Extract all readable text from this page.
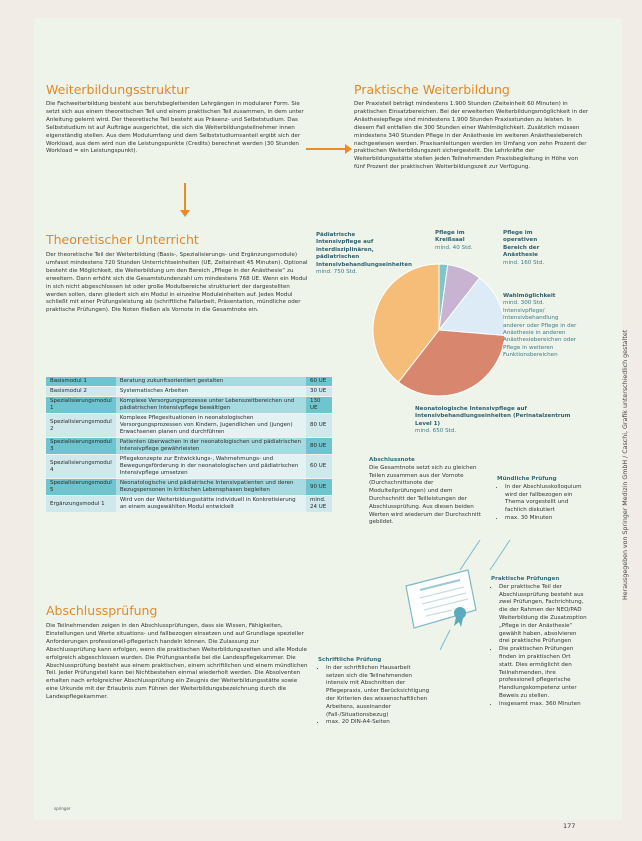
Herausgegeben von Springer Medizin GmbH / Caschi, Grafik unterschiedlich gestaltet
Weiterbildungsstruktur
Die Fachweiterbildung besteht aus berufsbegleitenden Lehrgängen in modularer Form. Sie setzt sich aus einem theoretischen Teil und einem praktischen Teil zusammen, in dem unter Anleitung gelernt wird. Der theoretische Teil besteht aus Präsenz- und Selbststudium. Das Selbststudium ist auf Aufträge ausgerichtet, die sich die Weiterbildungsteilnehmer innen eigenständig stellen. Aus dem Modulumfang und dem Selbststudiumsanteil ergibt sich der Workload, aus dem wird nun die Leistungspunkte (Credits) berechnet werden (30 Stunden Workload = ein Leistungspunkt).
Praktische Weiterbildung
Der Praxisteil beträgt mindestens 1.900 Stunden (Zeiteinheit 60 Minuten) in praktischen Einsatzbereichen. Bei der erweiterten Weiterbildungsmöglichkeit in der Anästhesiepflege sind mindestens 1.900 Stunden Praxisstunden zu leisten. In diesem Fall entfallen die 300 Stunden einer Wahlmöglichkeit. Zusätzlich müssen mindestens 340 Stunden Pflege in der Anästhesie im weiteren Anästhesiebereich nachgewiesen werden. Praxisanleitungen werden im Umfang von zehn Prozent der praktischen Weiterbildungszeit sichergestellt. Die Lehrkräfte der Weiterbildungsstätte stellen jeden Teilnehmenden Praxisbegleitung in Höhe von fünf Prozent der praktischen Weiterbildungszeit zur Verfügung.
Theoretischer Unterricht
Der theoretische Teil der Weiterbildung (Basis-, Spezialisierungs- und Ergänzungsmodule) umfasst mindestens 720 Stunden Unterrichtseinheiten (UE, Zeiteinheit 45 Minuten). Optional besteht die Möglichkeit, die Weiterbildung um den Bereich „Pflege in der Anästhesie“ zu erweitern. Dann erhöht sich die Gesamtstundenzahl um mindestens 768 UE. Wenn ein Modul in sich nicht abgeschlossen ist oder große Modulbereiche strukturiert der dargestellten werden sollen, dann gliedert sich ein Modul in einzelne Moduleinheiten auf. Jedes Modul schließt mit einer Prüfungsleistung ab (schriftliche Fallarbeit, Präsentation, mündliche oder praktische Prüfungen). Die Noten fließen als Vornote in die Gesamtnote ein.
Basismodul 1	Beratung zukunftsorientiert gestalten	60 UE
Basismodul 2	Systematisches Arbeiten	30 UE
Spezialisierungsmodul 1	Komplexe Versorgungsprozesse unter Lebenszeitbereichen und pädiatrischen Intensivpflege bewältigen	130 UE
Spezialisierungsmodul 2	Komplexe Pflegesituationen in neonatologischen Versorgungsprozessen von Kindern, Jugendlichen und (jungen) Erwachsenen planen und durchführen	80 UE
Spezialisierungsmodul 3	Patienten überwachen in der neonatologischen und pädiatrischen Intensivpflege gewährleisten	80 UE
Spezialisierungsmodul 4	Pflegekonzepte zur Entwicklungs-, Wahrnehmungs- und Bewegungsförderung in der neonatologischen und pädiatrischen Intensivpflege umsetzen	60 UE
Spezialisierungsmodul 5	Neonatologische und pädiatrische Intensivpatienten und deren Bezugspersonen in kritischen Lebensphasen begleiten	90 UE
Ergänzungsmodul 1	Wird von der Weiterbildungsstätte individuell in Konkretisierung an einem ausgewählten Modul entwickelt	mind. 24 UE
Abschlussprüfung
Die Teilnehmenden zeigen in den Abschlussprüfungen, dass sie Wissen, Fähigkeiten, Einstellungen und Werte situations- und fallbezogen einsetzen und auf Grundlage spezieller Anforderungen professionell-pflegerisch handeln können. Die Zulassung zur Abschlussprüfung kann erfolgen, wenn die praktischen Weiterbildungszeiten und alle Module erfolgreich abgeschlossen wurden. Die Prüfungsanteile bei die Landespflegekammer. Die Abschlussprüfung besteht aus einem praktischen, einem schriftlichen und einem mündlichen Teil. Jeder Prüfungsteil kann bei Nichtbestehen einmal wiederholt werden. Die Absolventen erhalten nach erfolgreicher Abschlussprüfung ein Zeugnis der Weiterbildungsstätte sowie eine Urkunde mit der Erlaubnis zum Führen der Weiterbildungsbezeichnung durch die Landespflegekammer.
Pädiatrische Intensivpflege auf interdisziplinären, pädiatrischen Intensivbehandlungseinheiten
mind. 750 Std.
Pflege im Kreißsaal
mind. 40 Std.
Pflege im operativen Bereich der Anästhesie
mind. 160 Std.
Wahlmöglichkeit
mind. 300 Std. Intensivpflege/ Intensivbehandlung anderer oder Pflege in der Anästhesie in anderen Anästhesiebereichen oder Pflege in weiteren Funktionsbereichen
Neonatologische Intensivpflege auf Intensivbehandlungseinheiten (Perinatalzentrum Level 1)
mind. 650 Std.
Abschlussnote
Die Gesamtnote setzt sich zu gleichen Teilen zusammen aus der Vornote (Durchschnittsnote der Modulteilprüfungen) und dem Durchschnitt der Teilleistungen der Abschlussprüfung. Aus diesen beiden Werten wird wiederum der Durchschnitt gebildet.
Mündliche Prüfung
• In der Abschlusskolloquium wird der fallbezogen ein Thema vorgestellt und fachlich diskutiert
• max. 30 Minuten
Praktische Prüfungen
• Der praktische Teil der Abschlussprüfung besteht aus zwei Prüfungen, Fachrichtung, die der Rahmen der NEO/PAD Weiterbildung die Zusatzoption „Pflege in der Anästhesie“ gewählt haben, absolvieren drei praktische Prüfungen
• Die praktischen Prüfungen finden im praktischen Ort statt. Dies ermöglicht den Teilnehmenden, ihre professionell pflegerische Handlungskompetenz unter Beweis zu stellen.
• insgesamt max. 360 Minuten
Schriftliche Prüfung
• In der schriftlichen Hausarbeit setzen sich die Teilnehmenden intensiv mit Abschnitten der Pflegepraxis, unter Berücksichtigung der Kriterien des wissenschaftlichen Arbeitens, auseinander (Fall-/Situationsbezug)
• max. 20 DIN-A4-Seiten
springer
177
